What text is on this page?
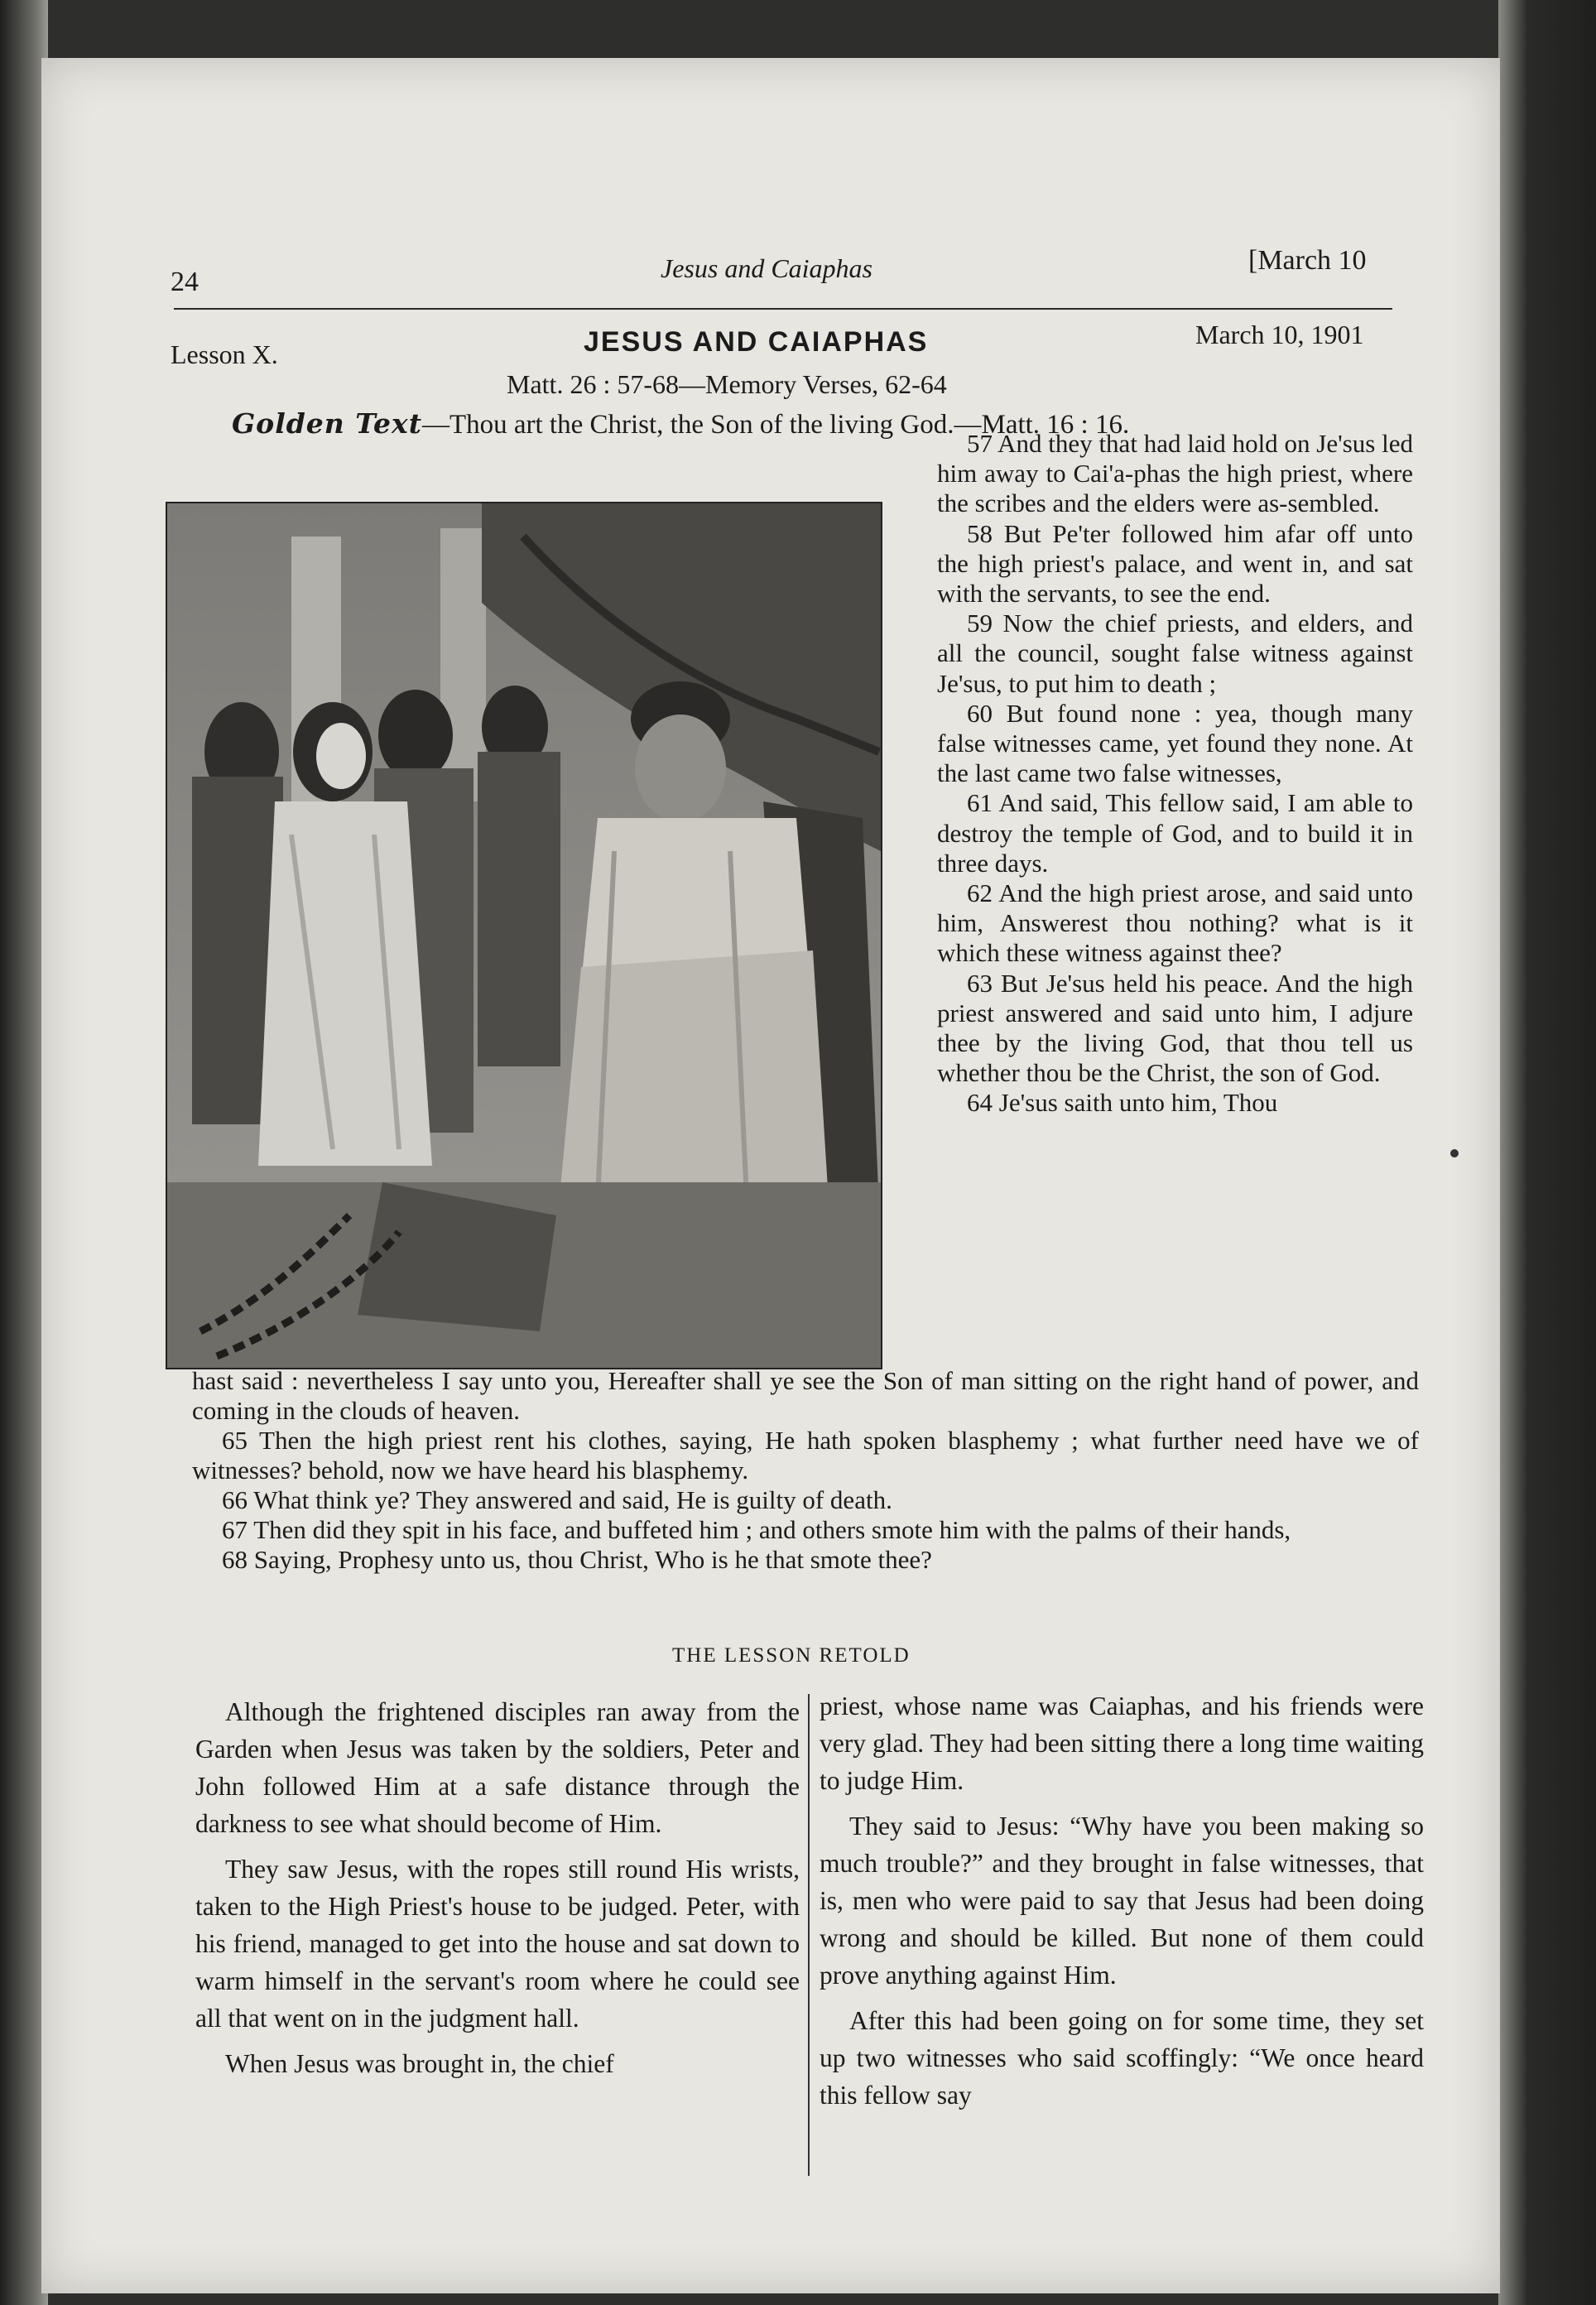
24	Jesus and Caiaphas	[March 10
Lesson X.	JESUS AND CAIAPHAS	March 10, 1901
Matt. 26 : 57-68—Memory Verses, 62-64
Golden Text—Thou art the Christ, the Son of the living God.—Matt. 16 : 16.

57 And they that had laid hold on Je'sus led him away to Cai'a-phas the high priest, where the scribes and the elders were as-sembled.

58 But Pe'ter followed him afar off unto the high priest's palace, and went in, and sat with the servants, to see the end.

59 Now the chief priests, and elders, and all the council, sought false witness against Je'sus, to put him to death ;

60 But found none : yea, though many false witnesses came, yet found they none. At the last came two false witnesses,

61 And said, This fellow said, I am able to destroy the temple of God, and to build it in three days.

62 And the high priest arose, and said unto him, Answerest thou nothing? what is it which these witness against thee?

63 But Je'sus held his peace. And the high priest answered and said unto him, I adjure thee by the living God, that thou tell us whether thou be the Christ, the son of God.

64 Je'sus saith unto him, Thou

hast said : nevertheless I say unto you, Hereafter shall ye see the Son of man sitting on the right hand of power, and coming in the clouds of heaven.

65 Then the high priest rent his clothes, saying, He hath spoken blasphemy ; what further need have we of witnesses? behold, now we have heard his blasphemy.

66 What think ye? They answered and said, He is guilty of death.

67 Then did they spit in his face, and buffeted him ; and others smote him with the palms of their hands,

68 Saying, Prophesy unto us, thou Christ, Who is he that smote thee?

THE LESSON RETOLD

Although the frightened disciples ran away from the Garden when Jesus was taken by the soldiers, Peter and John followed Him at a safe distance through the darkness to see what should become of Him.

They saw Jesus, with the ropes still round His wrists, taken to the High Priest's house to be judged. Peter, with his friend, managed to get into the house and sat down to warm himself in the servant's room where he could see all that went on in the judgment hall.

When Jesus was brought in, the chief

priest, whose name was Caiaphas, and his friends were very glad. They had been sitting there a long time waiting to judge Him.

They said to Jesus: “Why have you been making so much trouble?” and they brought in false witnesses, that is, men who were paid to say that Jesus had been doing wrong and should be killed. But none of them could prove anything against Him.

After this had been going on for some time, they set up two witnesses who said scoffingly: “We once heard this fellow say
